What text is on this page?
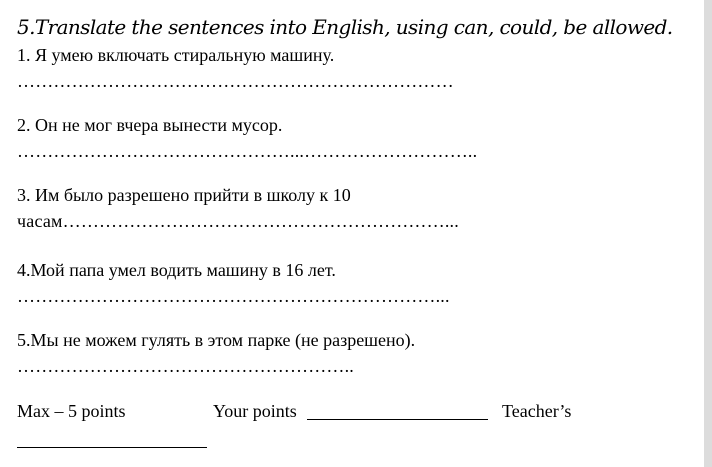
5.Translate the sentences into English, using can, could, be allowed.
1. Я умею включать стиральную машину.
………………………………………………………………
2. Он не мог вчера вынести мусор.
………………………………………...………………………..
3. Им было разрешено прийти в школу к 10
часам………………………………………………………...
4.Мой папа умел водить машину в 16 лет.
……………………………………………………………...
5.Мы не можем гулять в этом парке (не разрешено).
………………………………………………..
Max – 5 points	Your points	Teacher’s
